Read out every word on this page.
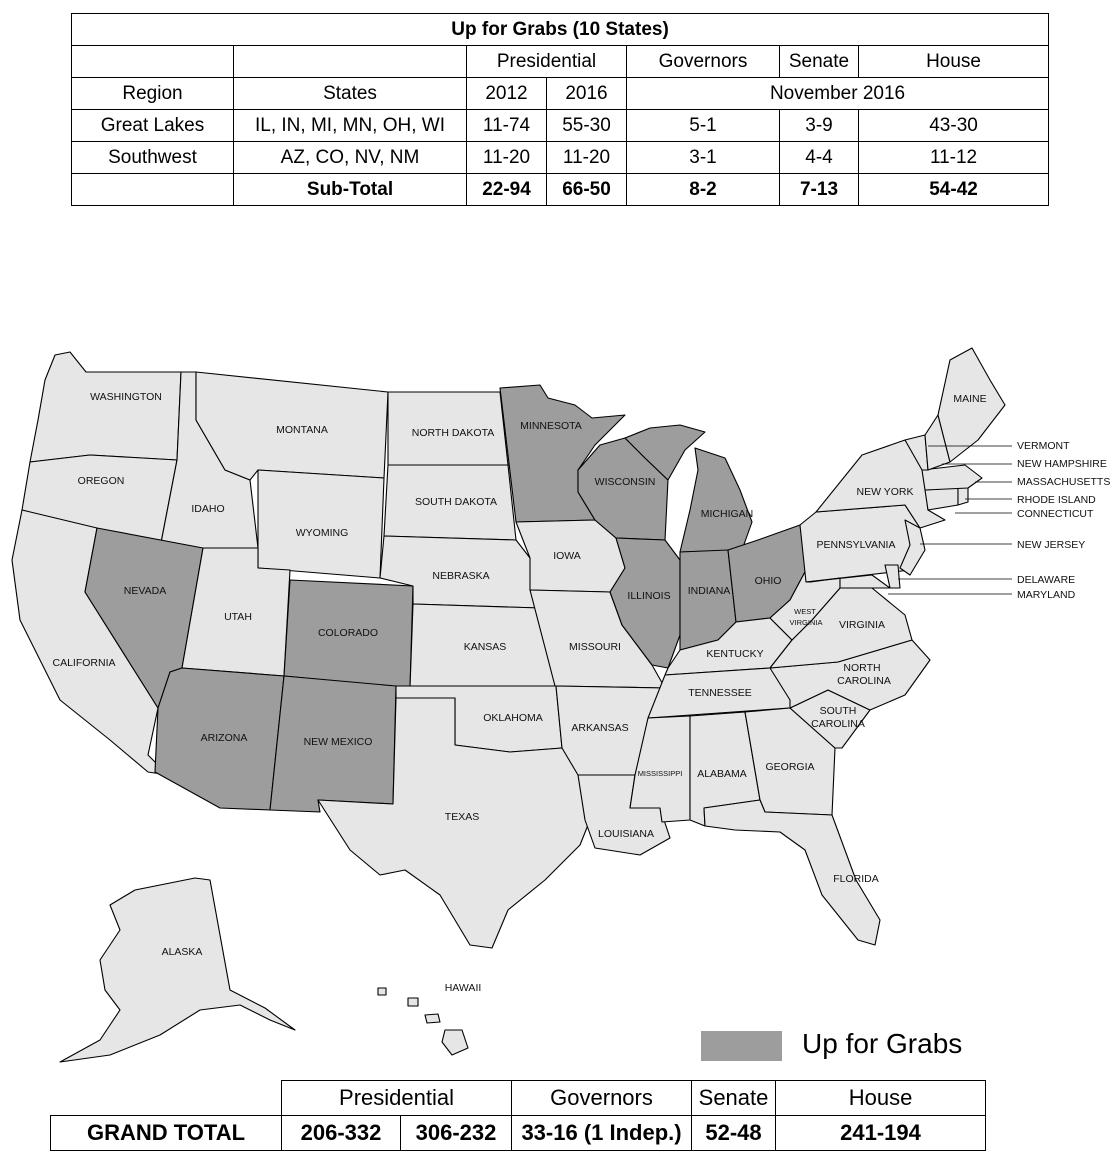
Up for Grabs (10 States)						
		Presidential		Governors	Senate	House
Region	States	2012	2016	November 2016		
Great Lakes	IL, IN, MI, MN, OH, WI	11-74	55-30	5-1	3-9	43-30
Southwest	AZ, CO, NV, NM	11-20	11-20	3-1	4-4	11-12
	Sub-Total	22-94	66-50	8-2	7-13	54-42
WASHINGTON
OREGON
CALIFORNIA
IDAHO
NEVADA
MONTANA
WYOMING
UTAH
COLORADO
ARIZONA	NEW MEXICO
NORTH DAKOTA
SOUTH DAKOTA
NEBRASKA
KANSAS
OKLAHOMA
TEXAS
MINNESOTA
IOWA
MISSOURI
ARKANSAS
LOUISIANA
WISCONSIN
ILLINOIS
MICHIGAN
INDIANA
OHIO
KENTUCKY
TENNESSEE
MISSISSIPPI ALABAMA
GEORGIA
FLORIDA
SOUTH
CAROLINA
NORTH
CAROLINA
VIRGINIA
WEST
VIRGINIA
PENNSYLVANIA
NEW YORK
MAINE
ALASKA
HAWAII
VERMONT
NEW HAMPSHIRE
MASSACHUSETTS
RHODE ISLAND
CONNECTICUT
NEW JERSEY
DELAWARE
MARYLAND
Up for Grabs
	Presidential		Governors	Senate	House
GRAND TOTAL	206-332	306-232	33-16 (1 Indep.)	52-48	241-194
